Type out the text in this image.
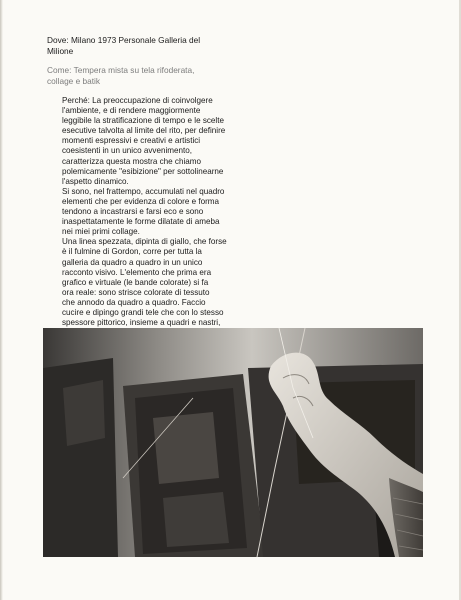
Dove: Milano 1973 Personale Galleria del
Milione

Come: Tempera mista su tela rifoderata,
collage e batik

Perché: La preoccupazione di coinvolgere
l'ambiente, e di rendere maggiormente
leggibile la stratificazione di tempo e le scelte
esecutive talvolta al limite del rito, per definire
momenti espressivi e creativi e artistici
coesistenti in un unico avvenimento,
caratterizza questa mostra che chiamo
polemicamente "esibizione" per sottolinearne
l'aspetto dinamico.
Si sono, nel frattempo, accumulati nel quadro
elementi che per evidenza di colore e forma
tendono a incastrarsi e farsi eco e sono
inaspettatamente le forme dilatate di ameba
nei miei primi collage.
Una linea spezzata, dipinta di giallo, che forse
è il fulmine di Gordon, corre per tutta la
galleria da quadro a quadro in un unico
racconto visivo. L'elemento che prima era
grafico e virtuale (le bande colorate) si fa
ora reale: sono strisce colorate di tessuto
che annodo da quadro a quadro. Faccio
cucire e dipingo grandi tele che con lo stesso
spessore pittorico, insieme a quadri e nastri,
